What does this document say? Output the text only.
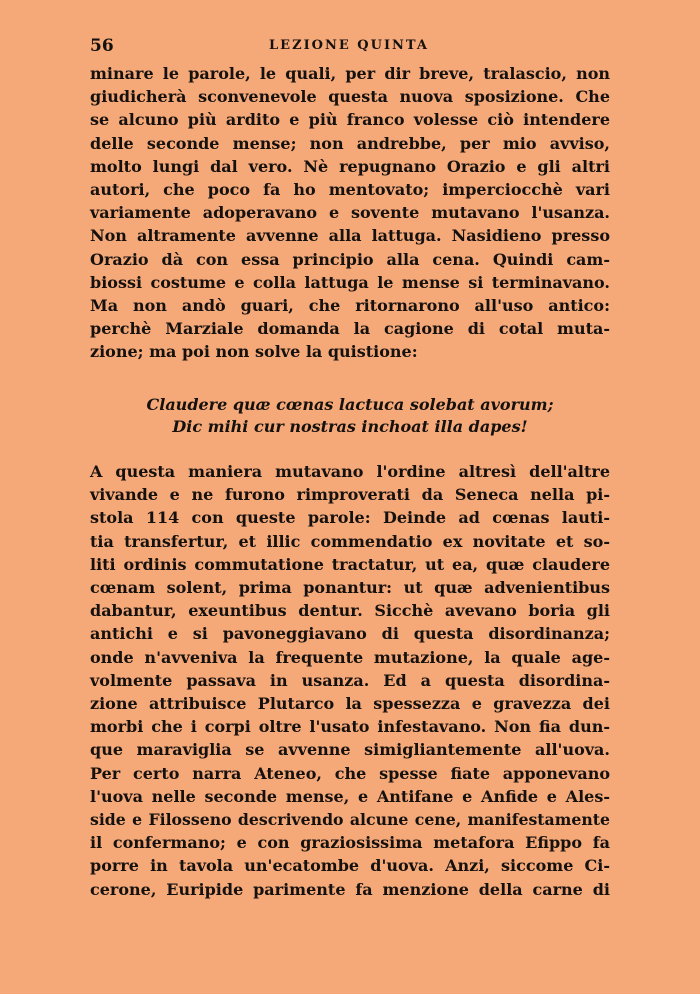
56	LEZIONE QUINTA
minare le parole, le quali, per dir breve, tralascio, non
giudicherà sconvenevole questa nuova sposizione. Che
se alcuno più ardito e più franco volesse ciò intendere
delle seconde mense; non andrebbe, per mio avviso,
molto lungi dal vero. Nè repugnano Orazio e gli altri
autori, che poco fa ho mentovato; imperciocchè vari
variamente adoperavano e sovente mutavano l'usanza.
Non altramente avvenne alla lattuga. Nasidieno presso
Orazio dà con essa principio alla cena. Quindi cam-
biossi costume e colla lattuga le mense si terminavano.
Ma non andò guari, che ritornarono all'uso antico:
perchè Marziale domanda la cagione di cotal muta-
zione; ma poi non solve la quistione:
Claudere quæ cœnas lactuca solebat avorum;
Dic mihi cur nostras inchoat illa dapes!
A questa maniera mutavano l'ordine altresì dell'altre
vivande e ne furono rimproverati da Seneca nella pi-
stola 114 con queste parole: Deinde ad cœnas lauti-
tia transfertur, et illic commendatio ex novitate et so-
liti ordinis commutatione tractatur, ut ea, quæ claudere
cœnam solent, prima ponantur: ut quæ advenientibus
dabantur, exeuntibus dentur. Sicchè avevano boria gli
antichi e si pavoneggiavano di questa disordinanza;
onde n'avveniva la frequente mutazione, la quale age-
volmente passava in usanza. Ed a questa disordina-
zione attribuisce Plutarco la spessezza e gravezza dei
morbi che i corpi oltre l'usato infestavano. Non fia dun-
que maraviglia se avvenne simigliantemente all'uova.
Per certo narra Ateneo, che spesse fiate apponevano
l'uova nelle seconde mense, e Antifane e Anfide e Ales-
side e Filosseno descrivendo alcune cene, manifestamente
il confermano; e con graziosissima metafora Efippo fa
porre in tavola un'ecatombe d'uova. Anzi, siccome Ci-
cerone, Euripide parimente fa menzione della carne di
